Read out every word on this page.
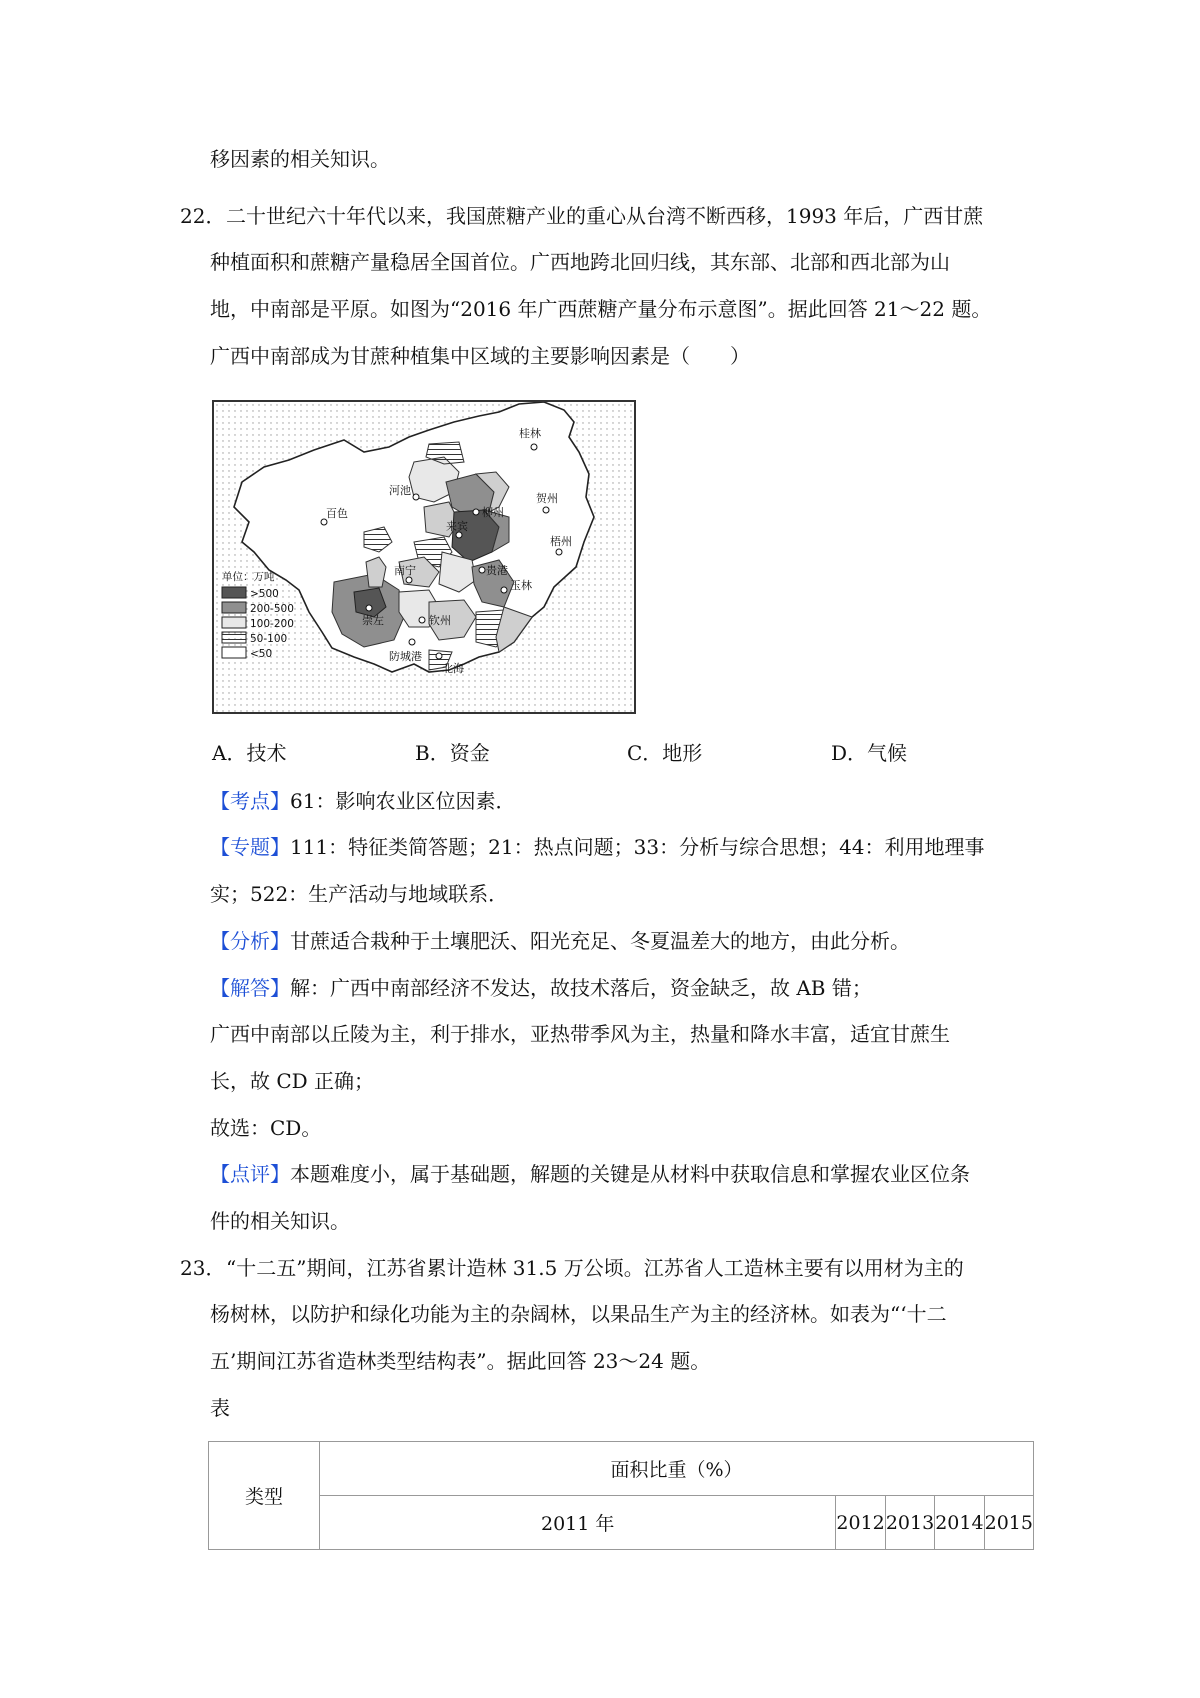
移因素的相关知识。
22． 二十世纪六十年代以来，我国蔗糖产业的重心从台湾不断西移，1993 年后，广西甘蔗
种植面积和蔗糖产量稳居全国首位。广西地跨北回归线，其东部、北部和西北部为山
地，中南部是平原。如图为“2016 年广西蔗糖产量分布示意图”。据此回答 21～22 题。
广西中南部成为甘蔗种植集中区域的主要影响因素是（　　）
桂林
河池
柳州
贺州
百色
来宾
梧州
南宁	贵港
玉林
崇左	钦州
防城港
北海
单位：万吨
>500
200-500
100-200
50-100
<50
A．技术	B．资金	C．地形	D．气候
【考点】61：影响农业区位因素．
【专题】111：特征类简答题；21：热点问题；33：分析与综合思想；44：利用地理事
实；522：生产活动与地域联系．
【分析】甘蔗适合栽种于土壤肥沃、阳光充足、冬夏温差大的地方，由此分析。
【解答】解：广西中南部经济不发达，故技术落后，资金缺乏，故 AB 错；
广西中南部以丘陵为主，利于排水，亚热带季风为主，热量和降水丰富，适宜甘蔗生
长，故 CD 正确；
故选：CD。
【点评】本题难度小，属于基础题，解题的关键是从材料中获取信息和掌握农业区位条
件的相关知识。
23． “十二五”期间，江苏省累计造林 31.5 万公顷。江苏省人工造林主要有以用材为主的
杨树林，以防护和绿化功能为主的杂阔林，以果品生产为主的经济林。如表为“‘十二
五’期间江苏省造林类型结构表”。据此回答 23～24 题。
表
类型	面积比重（%）				
	2011 年	2012	2013	2014	2015
